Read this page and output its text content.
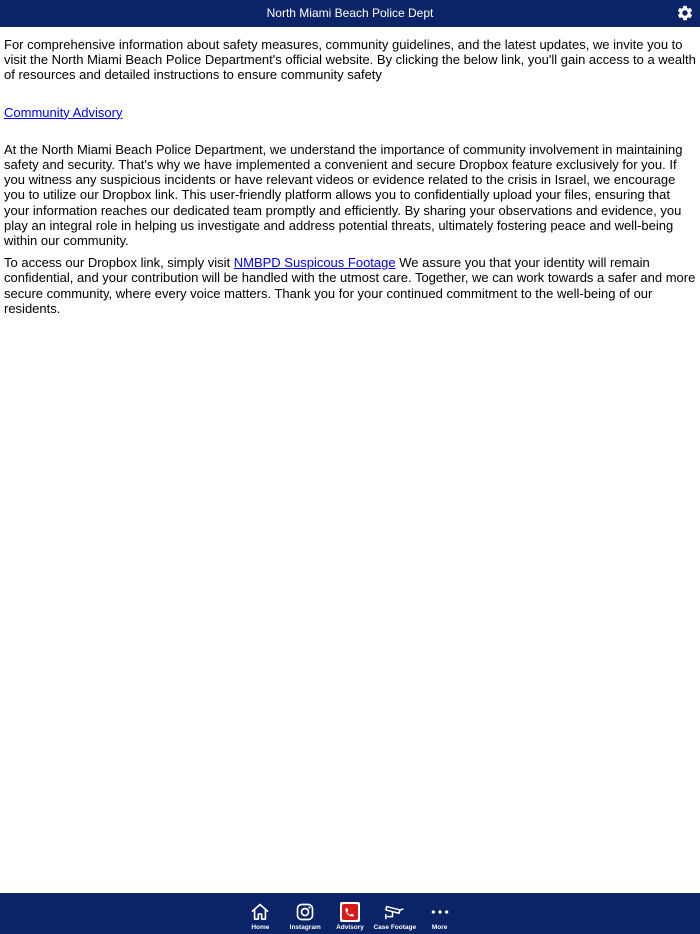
North Miami Beach Police Dept

For comprehensive information about safety measures, community guidelines, and the latest updates, we invite you to visit the North Miami Beach Police Department's official website. By clicking the below link, you'll gain access to a wealth of resources and detailed instructions to ensure community safety

Community Advisory

At the North Miami Beach Police Department, we understand the importance of community involvement in maintaining safety and security. That's why we have implemented a convenient and secure Dropbox feature exclusively for you. If you witness any suspicious incidents or have relevant videos or evidence related to the crisis in Israel, we encourage you to utilize our Dropbox link. This user-friendly platform allows you to confidentially upload your files, ensuring that your information reaches our dedicated team promptly and efficiently. By sharing your observations and evidence, you play an integral role in helping us investigate and address potential threats, ultimately fostering peace and well-being within our community.

To access our Dropbox link, simply visit NMBPD Suspicous Footage We assure you that your identity will remain confidential, and your contribution will be handled with the utmost care. Together, we can work towards a safer and more secure community, where every voice matters. Thank you for your continued commitment to the well-being of our residents.

Home	Instagram Advisory Case Footage More
